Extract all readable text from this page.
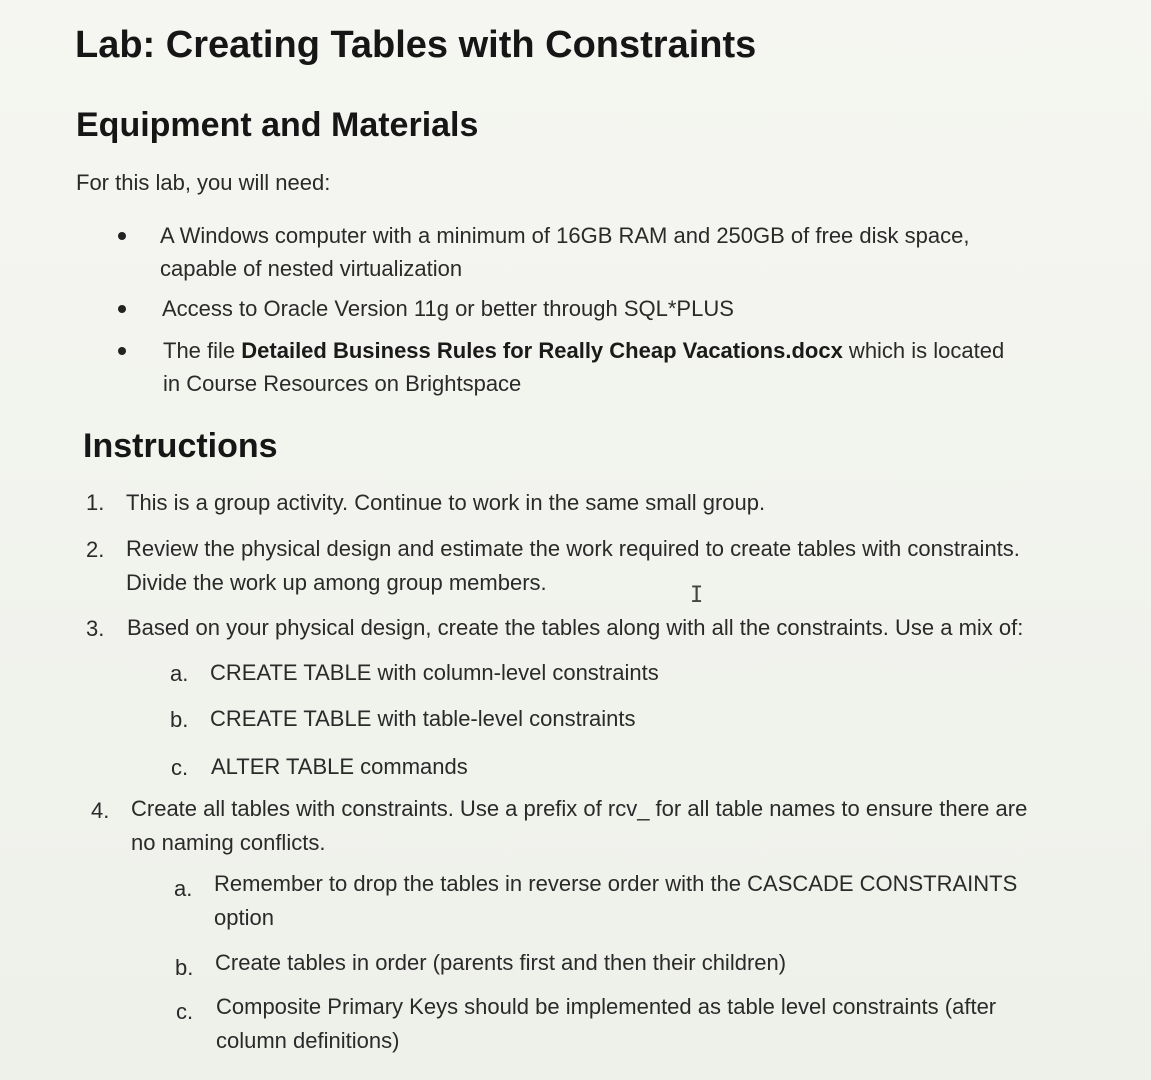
Lab: Creating Tables with Constraints
Equipment and Materials
For this lab, you will need:
A Windows computer with a minimum of 16GB RAM and 250GB of free disk space,
capable of nested virtualization
Access to Oracle Version 11g or better through SQL*PLUS
The file Detailed Business Rules for Really Cheap Vacations.docx which is located
in Course Resources on Brightspace
Instructions
1. This is a group activity. Continue to work in the same small group.
2. Review the physical design and estimate the work required to create tables with constraints.
Divide the work up among group members.
I
3. Based on your physical design, create the tables along with all the constraints. Use a mix of:
a. CREATE TABLE with column-level constraints
b. CREATE TABLE with table-level constraints
c. ALTER TABLE commands
4. Create all tables with constraints. Use a prefix of rcv_ for all table names to ensure there are
no naming conflicts.
a. Remember to drop the tables in reverse order with the CASCADE CONSTRAINTS
option
b. Create tables in order (parents first and then their children)
c. Composite Primary Keys should be implemented as table level constraints (after
column definitions)
